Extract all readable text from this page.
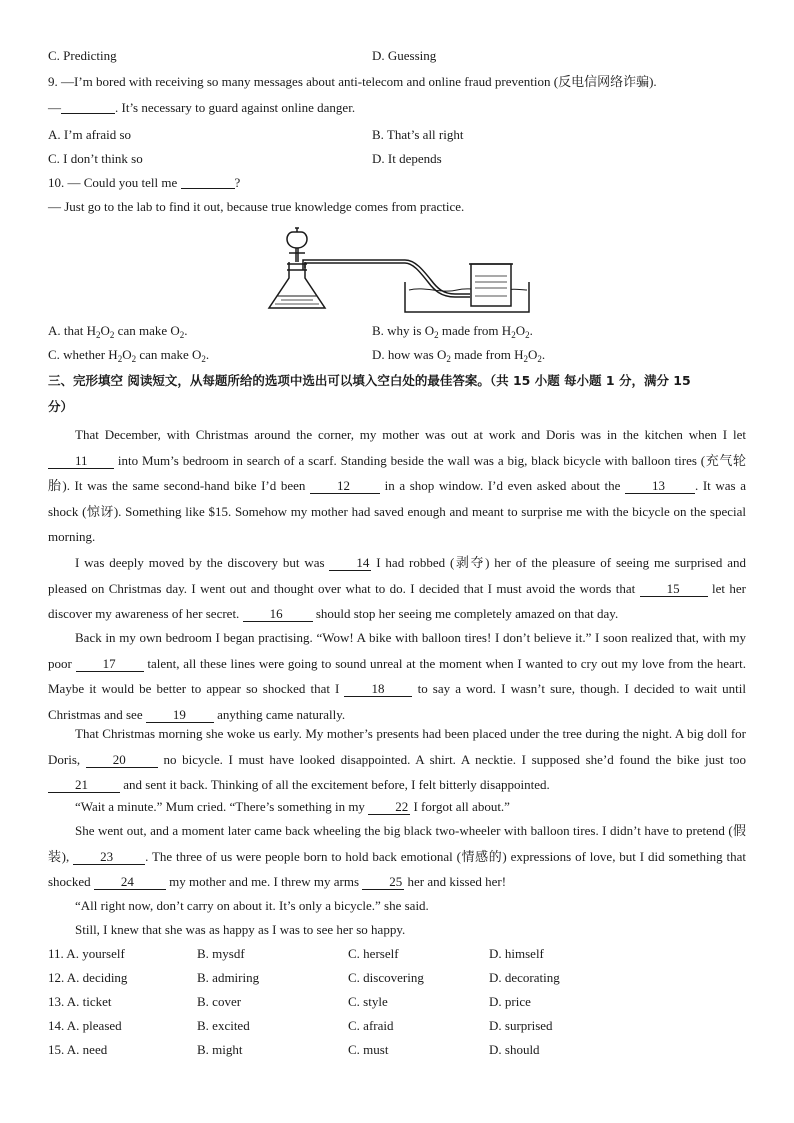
C. Predicting	D. Guessing
9. —I’m bored with receiving so many messages about anti-telecom and online fraud prevention (反电信网络诈骗).
—	. It’s necessary to guard against online danger.
A. I’m afraid so	B. That’s all right
C. I don’t think so	D. It depends
10. — Could you tell me	?
— Just go to the lab to find it out, because true knowledge comes from practice.
A. that $H_2O_2$ can make $O_2$.	B. why is $O_2$ made from $H_2O_2$.
C. whether $H_2O_2$ can make $O_2$.	D. how was $O_2$ made from $H_2O_2$.
三、完形填空 阅读短文，从每题所给的选项中选出可以填入空白处的最佳答案。（共 15 小题 每小题 1 分，满分 15
分）
That December, with Christmas around the corner, my mother was out at work and Doris was in the kitchen when I let 11 into Mum’s bedroom in search of a scarf. Standing beside the wall was a big, black bicycle with balloon tires (充气轮胎). It was the same second-hand bike I’d been 12 in a shop window. I’d even asked about the 13 . It was a shock (惊讶). Something like $15. Somehow my mother had saved enough and meant to surprise me with the bicycle on the special morning.
I was deeply moved by the discovery but was 14 I had robbed (剥夺) her of the pleasure of seeing me surprised and pleased on Christmas day. I went out and thought over what to do. I decided that I must avoid the words that 15 let her discover my awareness of her secret. 16 should stop her seeing me completely amazed on that day.
Back in my own bedroom I began practising. “Wow! A bike with balloon tires! I don’t believe it.” I soon realized that, with my poor 17 talent, all these lines were going to sound unreal at the moment when I wanted to cry out my love from the heart. Maybe it would be better to appear so shocked that I 18 to say a word. I wasn’t sure, though. I decided to wait until Christmas and see 19 anything came naturally.
That Christmas morning she woke us early. My mother’s presents had been placed under the tree during the night. A big doll for Doris, 20 no bicycle. I must have looked disappointed. A shirt. A necktie. I supposed she’d found the bike just too 21 and sent it back. Thinking of all the excitement before, I felt bitterly disappointed.
“Wait a minute.” Mum cried. “There’s something in my 22 I forgot all about.”
She went out, and a moment later came back wheeling the big black two-wheeler with balloon tires. I didn’t have to pretend (假装), 23 . The three of us were people born to hold back emotional (情感的) expressions of love, but I did something that shocked 24 my mother and me. I threw my arms 25 her and kissed her!
“All right now, don’t carry on about it. It’s only a bicycle.” she said.
Still, I knew that she was as happy as I was to see her so happy.
11. A. yourself	B. mysdf	C. herself	D. himself
12. A. deciding	B. admiring	C. discovering	D. decorating
13. A. ticket	B. cover	C. style	D. price
14. A. pleased	B. excited	C. afraid	D. surprised
15. A. need	B. might	C. must	D. should
